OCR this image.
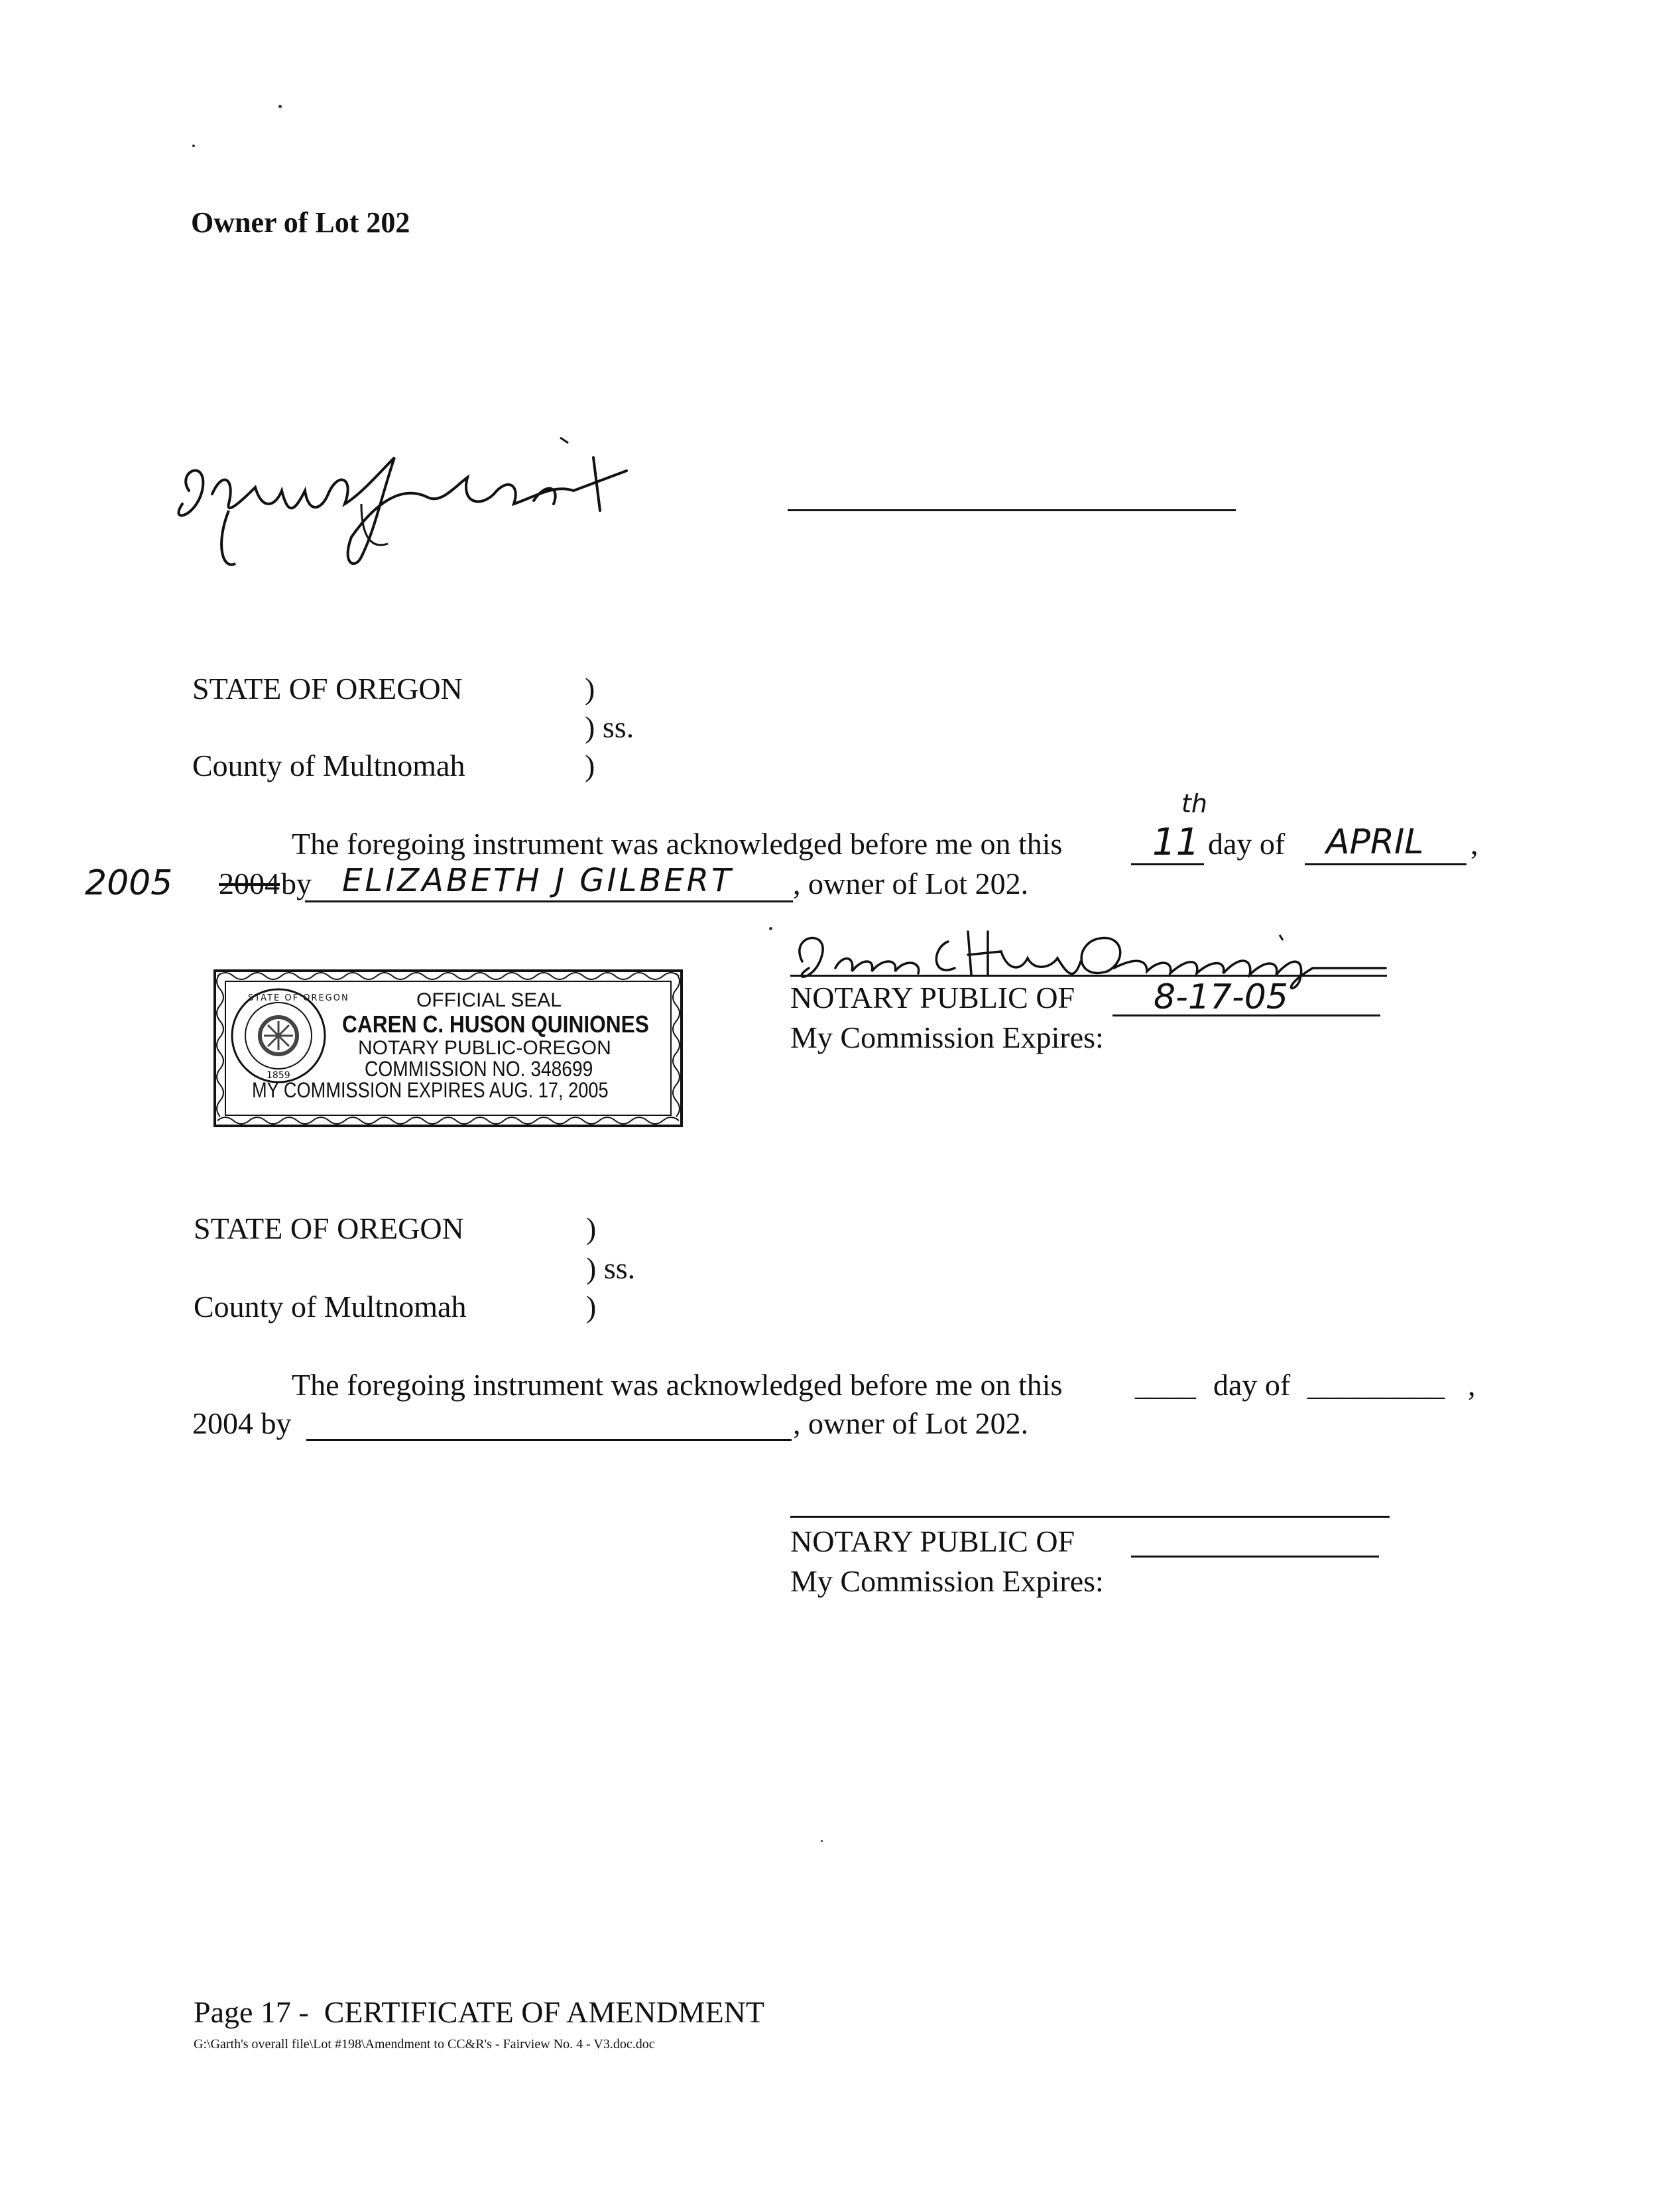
Owner of Lot 202
STATE OF OREGON	)
) ss.
County of Multnomah	)
The foregoing instrument was acknowledged before me on this 11
th
day of APRIL ,
2005 2004 by ELIZABETH J GILBERT , owner of Lot 202.
NOTARY PUBLIC OF 8-17-05
My Commission Expires:
STATE OF OREGON
1859
OFFICIAL SEAL
CAREN C. HUSON QUINIONES
NOTARY PUBLIC-OREGON
COMMISSION NO. 348699
MY COMMISSION EXPIRES AUG. 17, 2005
STATE OF OREGON	)
) ss.
County of Multnomah	)
The foregoing instrument was acknowledged before me on this ____ day of _________ ,
2004 by	, owner of Lot 202.
NOTARY PUBLIC OF
My Commission Expires:
Page 17 -  CERTIFICATE OF AMENDMENT
G:\Garth's overall file\Lot #198\Amendment to CC&R's - Fairview No. 4 - V3.doc.doc
